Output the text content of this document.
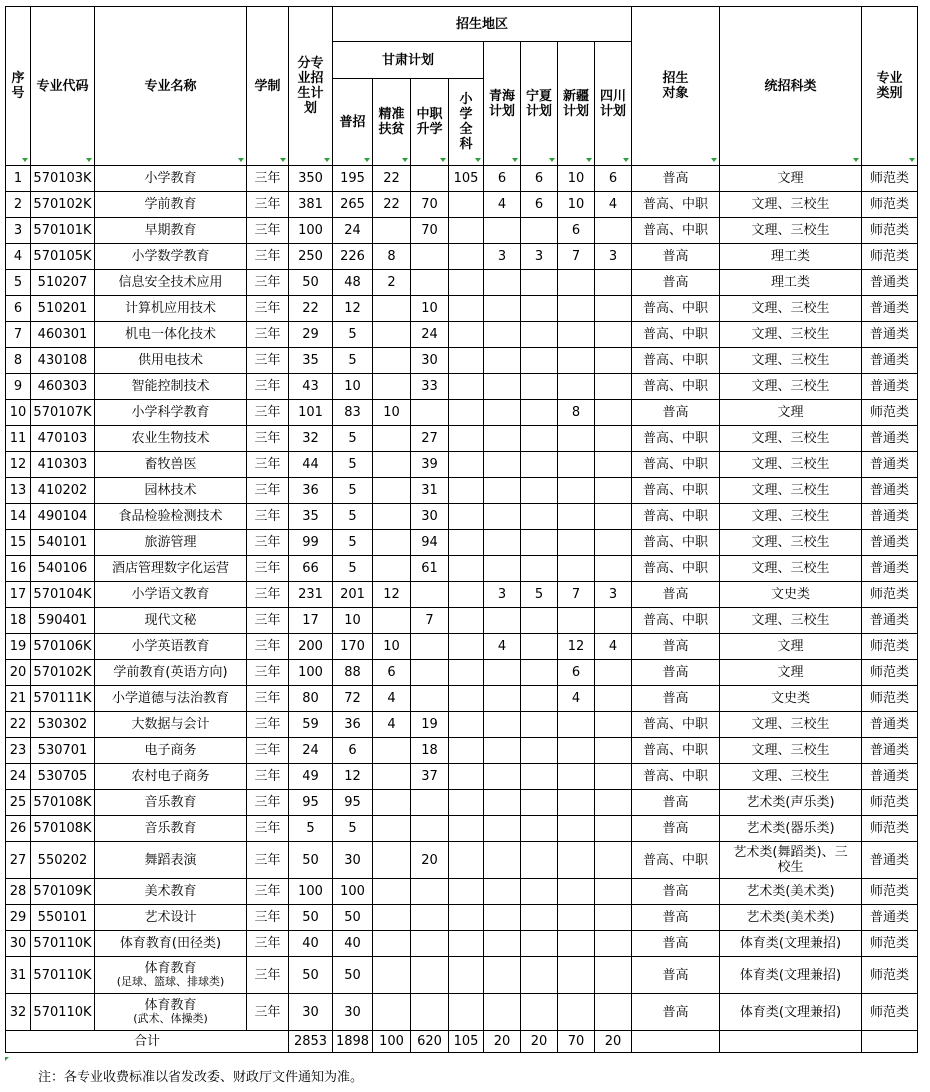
序号	专业代码	专业名称	学制	分专业招生计划	招生地区								招生对象	统招科类	专业类别

					甘肃计划				青海计划	宁夏计划	新疆计划	四川计划			

					普招	精准扶贫	中职升学	小学全科							

1	570103K	小学教育	三年	350	195	22		105	6	6	10	6	普高	文理	师范类
2	570102K	学前教育	三年	381	265	22	70		4	6	10	4	普高、中职	文理、三校生	师范类
3	570101K	早期教育	三年	100	24		70				6		普高、中职	文理、三校生	师范类
4	570105K	小学数学教育	三年	250	226	8			3	3	7	3	普高	理工类	师范类
5	510207	信息安全技术应用	三年	50	48	2							普高	理工类	普通类
6	510201	计算机应用技术	三年	22	12		10						普高、中职	文理、三校生	普通类
7	460301	机电一体化技术	三年	29	5		24						普高、中职	文理、三校生	普通类
8	430108	供用电技术	三年	35	5		30						普高、中职	文理、三校生	普通类
9	460303	智能控制技术	三年	43	10		33						普高、中职	文理、三校生	普通类
10	570107K	小学科学教育	三年	101	83	10					8		普高	文理	师范类
11	470103	农业生物技术	三年	32	5		27						普高、中职	文理、三校生	普通类
12	410303	畜牧兽医	三年	44	5		39						普高、中职	文理、三校生	普通类
13	410202	园林技术	三年	36	5		31						普高、中职	文理、三校生	普通类
14	490104	食品检验检测技术	三年	35	5		30						普高、中职	文理、三校生	普通类
15	540101	旅游管理	三年	99	5		94						普高、中职	文理、三校生	普通类
16	540106	酒店管理数字化运营	三年	66	5		61						普高、中职	文理、三校生	普通类
17	570104K	小学语文教育	三年	231	201	12			3	5	7	3	普高	文史类	师范类
18	590401	现代文秘	三年	17	10		7						普高、中职	文理、三校生	普通类
19	570106K	小学英语教育	三年	200	170	10			4		12	4	普高	文理	师范类
20	570102K	学前教育(英语方向)	三年	100	88	6					6		普高	文理	师范类
21	570111K	小学道德与法治教育	三年	80	72	4					4		普高	文史类	师范类
22	530302	大数据与会计	三年	59	36	4	19						普高、中职	文理、三校生	普通类
23	530701	电子商务	三年	24	6		18						普高、中职	文理、三校生	普通类
24	530705	农村电子商务	三年	49	12		37						普高、中职	文理、三校生	普通类
25	570108K	音乐教育	三年	95	95								普高	艺术类(声乐类)	师范类
26	570108K	音乐教育	三年	5	5								普高	艺术类(器乐类)	师范类
27	550202	舞蹈表演	三年	50	30		20						普高、中职	艺术类(舞蹈类)、三校生	普通类
28	570109K	美术教育	三年	100	100								普高	艺术类(美术类)	师范类
29	550101	艺术设计	三年	50	50								普高	艺术类(美术类)	普通类
30	570110K	体育教育(田径类)	三年	40	40								普高	体育类(文理兼招)	师范类
31	570110K	体育教育
(足球、篮球、排球类)	三年	50	50								普高	体育类(文理兼招)	师范类
32	570110K	体育教育
(武术、体操类)	三年	30	30								普高	体育类(文理兼招)	师范类
合计				2853	1898	100	620	105	20	20	70	20			
注：各专业收费标准以省发改委、财政厅文件通知为准。
